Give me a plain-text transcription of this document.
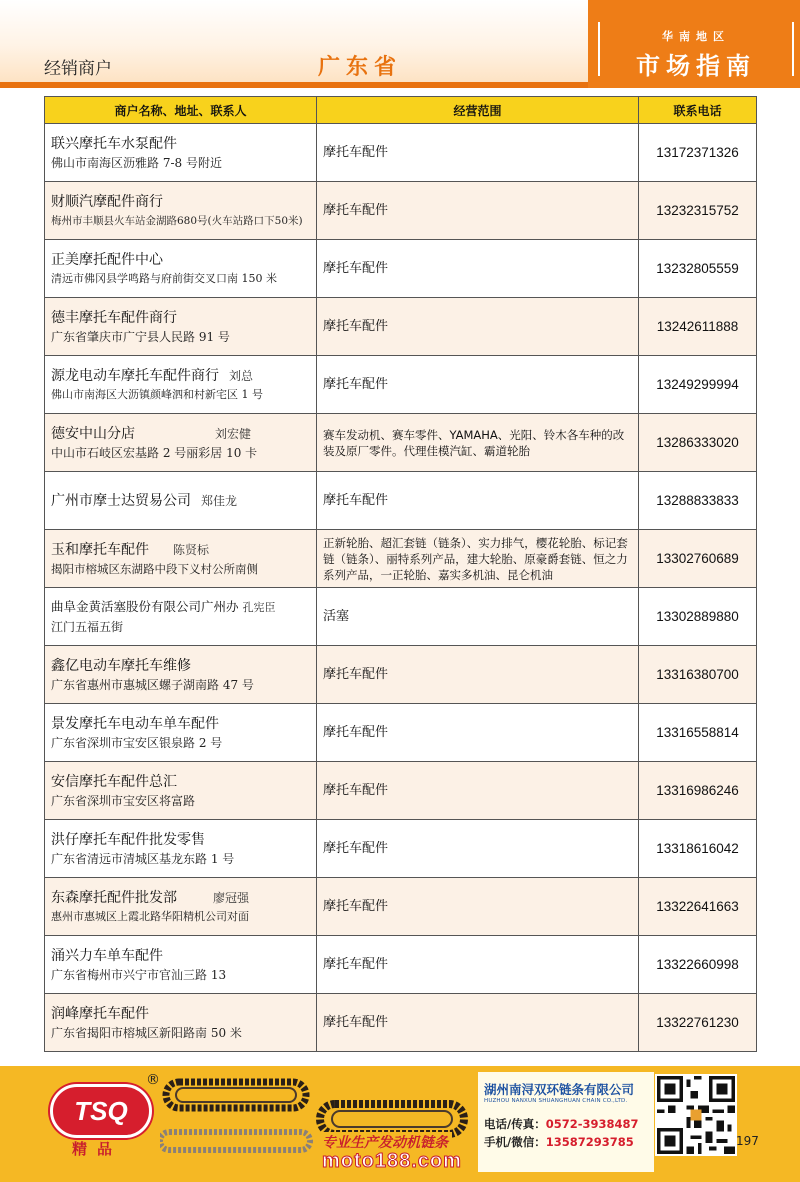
经销商户	广东省
华南地区
市场指南
商户名称、地址、联系人	经营范围	联系电话

联兴摩托车水泵配件
佛山市南海区沥雅路 7-8 号附近	摩托车配件	13172371326

财顺汽摩配件商行
梅州市丰顺县火车站金湖路680号(火车站路口下50米)	摩托车配件	13232315752

正美摩托配件中心
清远市佛冈县学鸣路与府前街交叉口南 150 米	摩托车配件	13232805559

德丰摩托车配件商行
广东省肇庆市广宁县人民路 91 号	摩托车配件	13242611888

源龙电动车摩托车配件商行 刘总
佛山市南海区大沥镇颜峰泗和村新宅区 1 号	摩托车配件	13249299994

德安中山分店 刘宏健
中山市石岐区宏基路 2 号丽彩居 10 卡	赛车发动机、赛车零件、YAMAHA、光阳、铃木各车种的改装及原厂零件。代理佳模汽缸、霸道轮胎	13286333020

广州市摩士达贸易公司 郑佳龙	摩托车配件	13288833833

玉和摩托车配件 陈贤标
揭阳市榕城区东湖路中段下义村公所南侧	正新轮胎、超汇套链（链条）、实力排气，樱花轮胎、标记套链（链条）、丽特系列产品，建大轮胎、原豪爵套链、恒之力系列产品，一正轮胎、嘉实多机油、昆仑机油	13302760689

曲阜金黄活塞股份有限公司广州办 孔宪臣
江门五福五街	活塞	13302889880

鑫亿电动车摩托车维修
广东省惠州市惠城区螺子湖南路 47 号	摩托车配件	13316380700

景发摩托车电动车单车配件
广东省深圳市宝安区银泉路 2 号	摩托车配件	13316558814

安信摩托车配件总汇
广东省深圳市宝安区将富路	摩托车配件	13316986246

洪仔摩托车配件批发零售
广东省清远市清城区基龙东路 1 号	摩托车配件	13318616042

东森摩托配件批发部 廖冠强
惠州市惠城区上霞北路华阳精机公司对面	摩托车配件	13322641663

涌兴力车单车配件
广东省梅州市兴宁市官汕三路 13	摩托车配件	13322660998

润峰摩托车配件
广东省揭阳市榕城区新阳路南 50 米	摩托车配件	13322761230
TSQ
®
精品	专业生产发动机链条
moto188.com
湖州南浔双环链条有限公司
HUZHOU NANXUN SHUANGHUAN CHAIN CO.,LTD.
电话/传真：0572-3938487
手机/微信：13587293785	197
